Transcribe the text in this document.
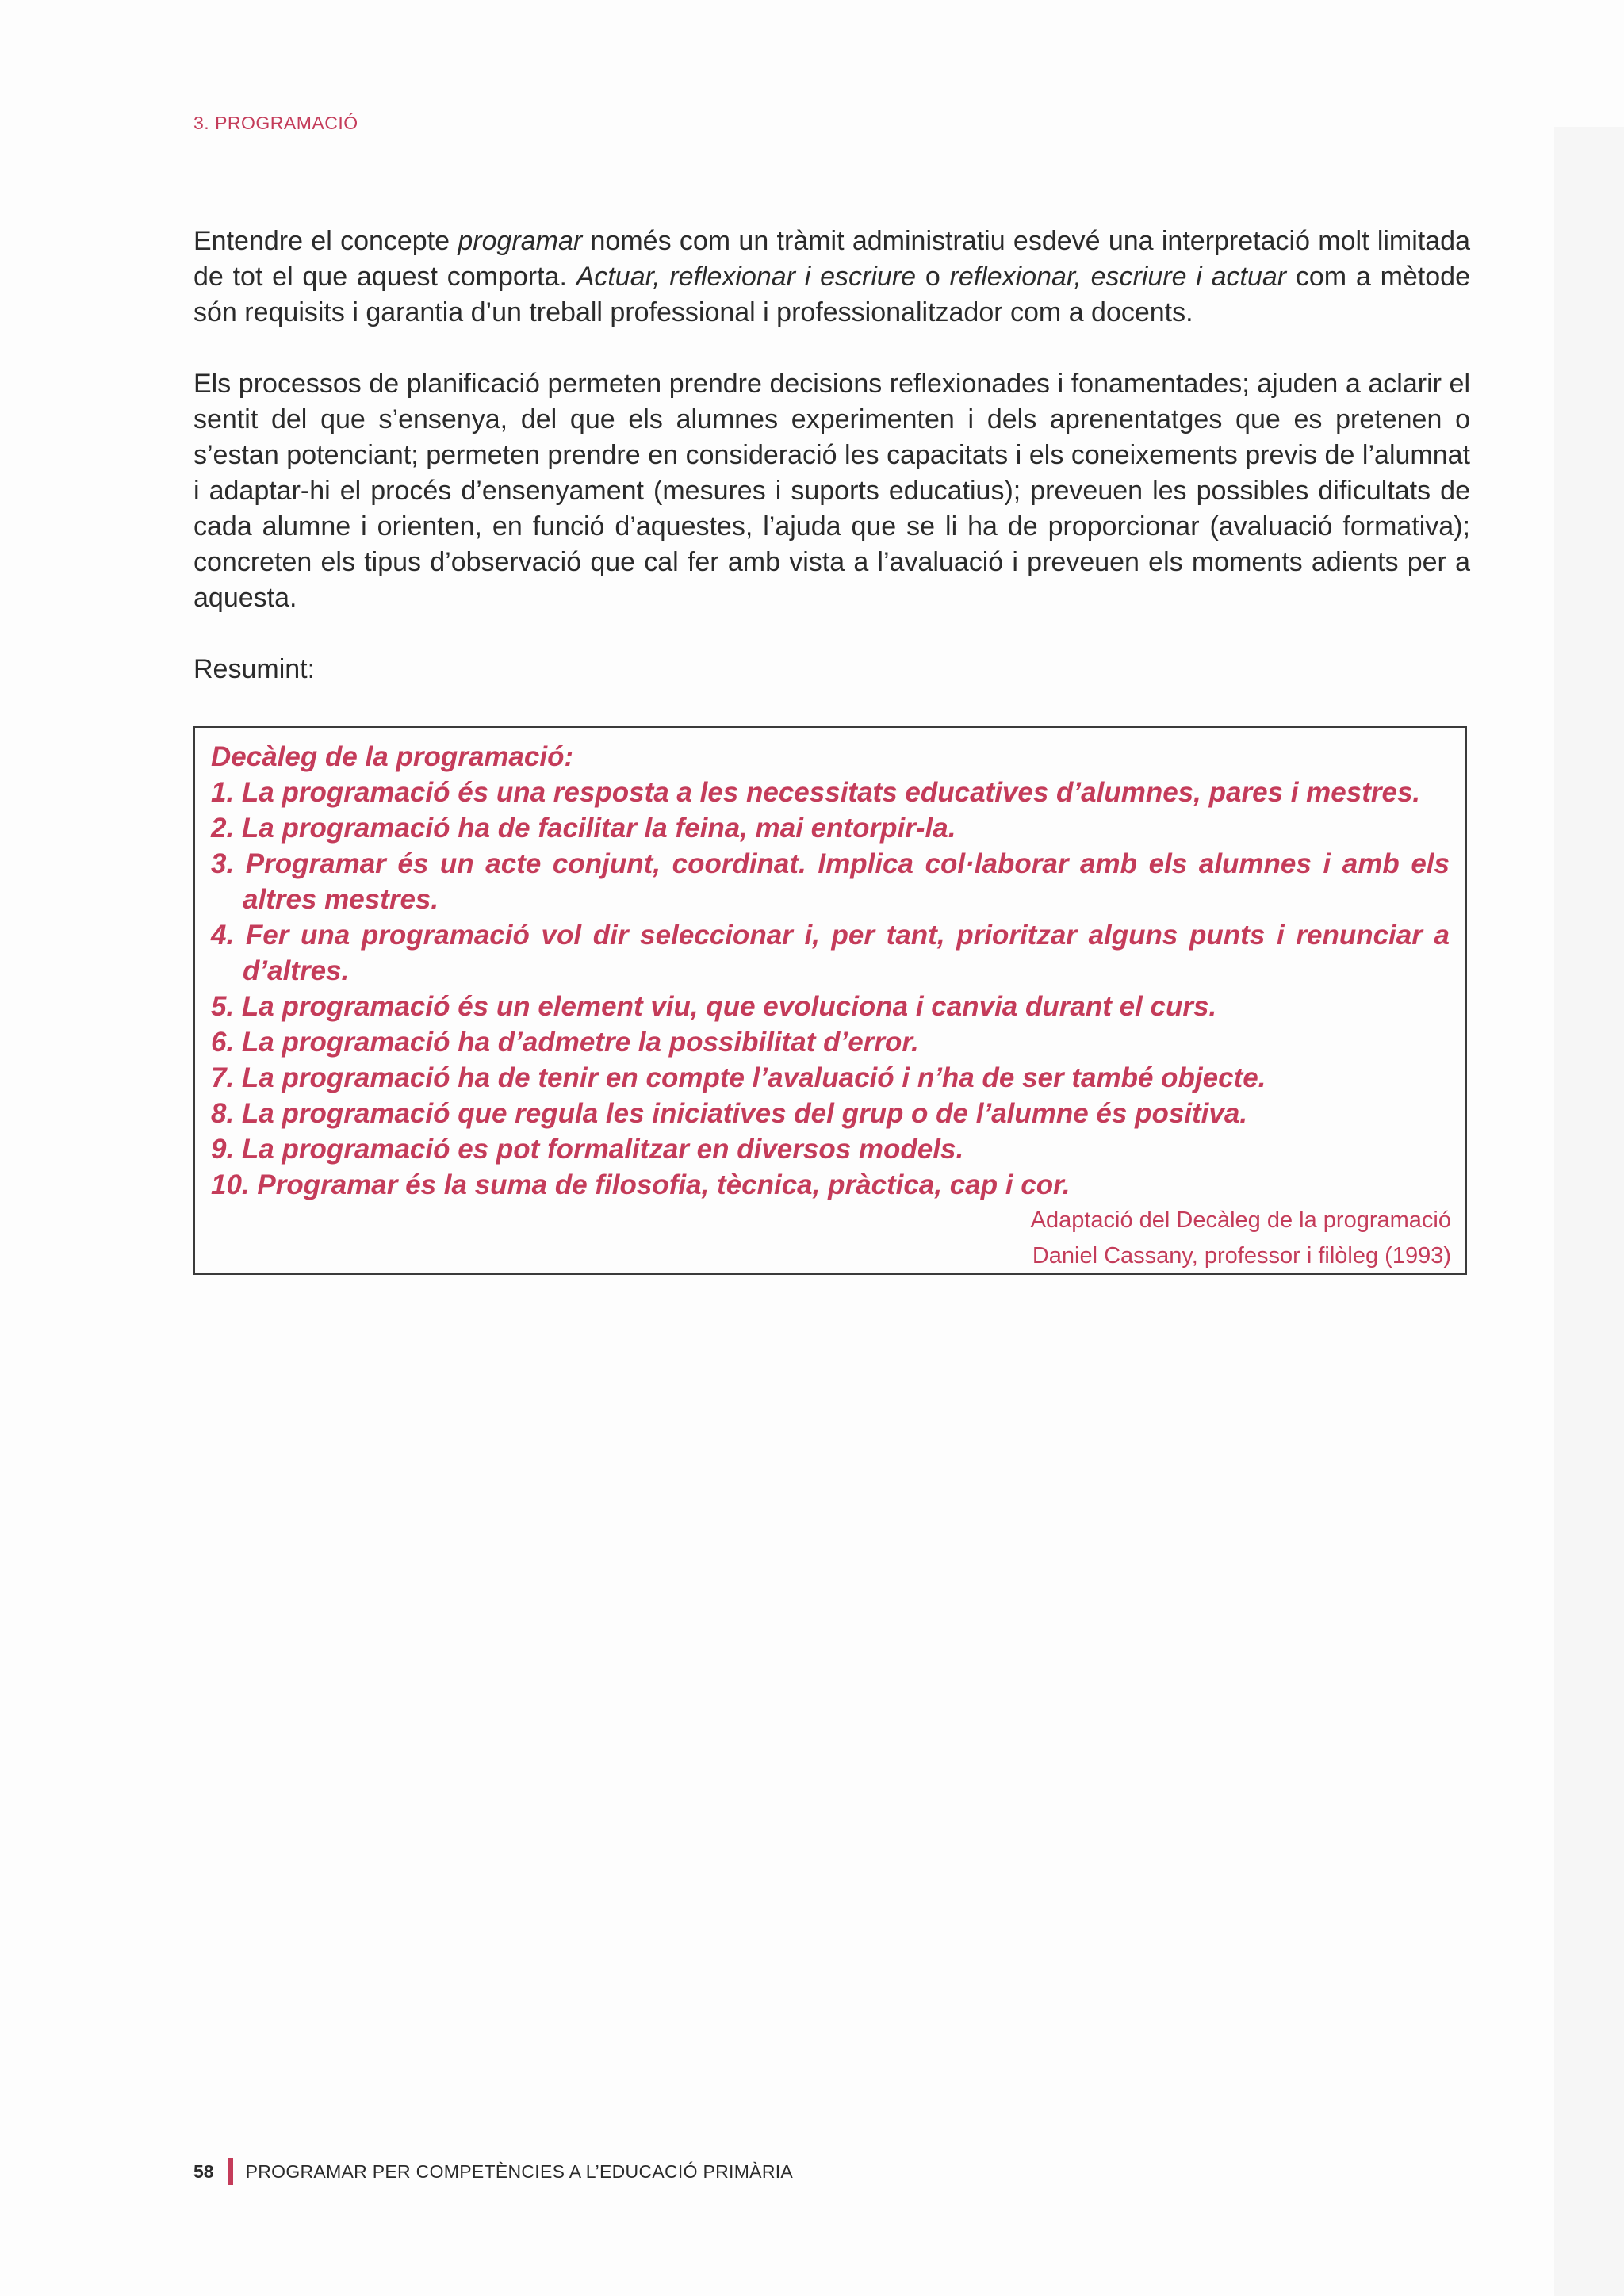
3. PROGRAMACIÓ

Entendre el concepte programar només com un tràmit administratiu esdevé una interpretació molt limitada de tot el que aquest comporta. Actuar, reflexionar i escriure o reflexionar, escriure i actuar com a mètode són requisits i garantia d’un treball professional i professionalitzador com a docents.

Els processos de planificació permeten prendre decisions reflexionades i fonamentades; ajuden a aclarir el sentit del que s’ensenya, del que els alumnes experimenten i dels aprenentatges que es pretenen o s’estan potenciant; permeten prendre en consideració les capacitats i els coneixements previs de l’alumnat i adaptar-hi el procés d’ensenyament (mesures i suports educatius); preveuen les possibles dificultats de cada alumne i orienten, en funció d’aquestes, l’ajuda que se li ha de proporcionar (avaluació formativa); concreten els tipus d’observació que cal fer amb vista a l’avaluació i preveuen els moments adients per a aquesta.

Resumint:

Decàleg de la programació:
1. La programació és una resposta a les necessitats educatives d’alumnes, pares i mestres.
2. La programació ha de facilitar la feina, mai entorpir-la.
3. Programar és un acte conjunt, coordinat. Implica col·laborar amb els alumnes i amb els altres mestres.
4. Fer una programació vol dir seleccionar i, per tant, prioritzar alguns punts i renunciar a d’altres.
5. La programació és un element viu, que evoluciona i canvia durant el curs.
6. La programació ha d’admetre la possibilitat d’error.
7. La programació ha de tenir en compte l’avaluació i n’ha de ser també objecte.
8. La programació que regula les iniciatives del grup o de l’alumne és positiva.
9. La programació es pot formalitzar en diversos models.
10. Programar és la suma de filosofia, tècnica, pràctica, cap i cor.
Adaptació del Decàleg de la programació
Daniel Cassany, professor i filòleg (1993)
58 PROGRAMAR PER COMPETÈNCIES A L’EDUCACIÓ PRIMÀRIA
